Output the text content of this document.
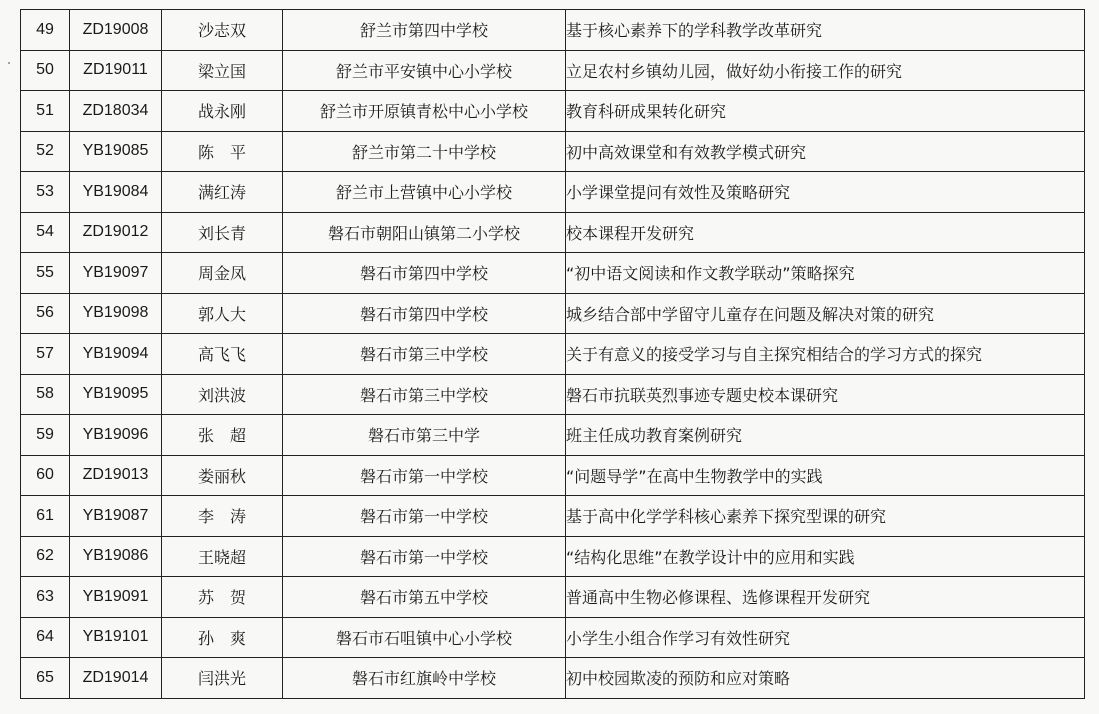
49	ZD19008	沙志双	舒兰市第四中学校	基于核心素养下的学科教学改革研究
50	ZD19011	梁立国	舒兰市平安镇中心小学校	立足农村乡镇幼儿园，做好幼小衔接工作的研究
51	ZD18034	战永刚	舒兰市开原镇青松中心小学校	教育科研成果转化研究
52	YB19085	陈　平	舒兰市第二十中学校	初中高效课堂和有效教学模式研究
53	YB19084	满红涛	舒兰市上营镇中心小学校	小学课堂提问有效性及策略研究
54	ZD19012	刘长青	磐石市朝阳山镇第二小学校	校本课程开发研究
55	YB19097	周金凤	磐石市第四中学校	“初中语文阅读和作文教学联动”策略探究
56	YB19098	郭人大	磐石市第四中学校	城乡结合部中学留守儿童存在问题及解决对策的研究
57	YB19094	高飞飞	磐石市第三中学校	关于有意义的接受学习与自主探究相结合的学习方式的探究
58	YB19095	刘洪波	磐石市第三中学校	磐石市抗联英烈事迹专题史校本课研究
59	YB19096	张　超	磐石市第三中学	班主任成功教育案例研究
60	ZD19013	娄丽秋	磐石市第一中学校	“问题导学”在高中生物教学中的实践
61	YB19087	李　涛	磐石市第一中学校	基于高中化学学科核心素养下探究型课的研究
62	YB19086	王晓超	磐石市第一中学校	“结构化思维”在教学设计中的应用和实践
63	YB19091	苏　贺	磐石市第五中学校	普通高中生物必修课程、选修课程开发研究
64	YB19101	孙　爽	磐石市石咀镇中心小学校	小学生小组合作学习有效性研究
65	ZD19014	闫洪光	磐石市红旗岭中学校	初中校园欺凌的预防和应对策略
